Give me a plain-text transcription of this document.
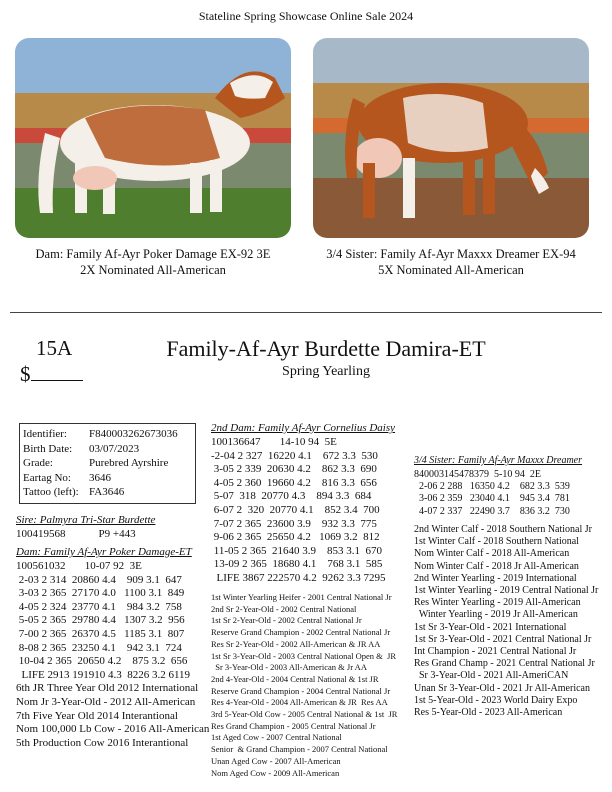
Stateline Spring Showcase Online Sale 2024
Dam: Family Af-Ayr Poker Damage EX-92 3E
2X Nominated All-American
3/4 Sister: Family Af-Ayr Maxxx Dreamer EX-94
5X Nominated All-American
15A
$
Family-Af-Ayr Burdette Damira-ET
Spring Yearling
Identifier:	F840003262673036
Birth Date:	03/07/2023
Grade:	Purebred Ayrshire
Eartag No:	3646
Tattoo (left): FA3646
Sire: Palmyra Tri-Star Burdette
100419568            P9 +443
Dam: Family Af-Ayr Poker Damage-ET
100561032       10-07 92  3E
2-03 2 314  20860 4.4    909 3.1  647
3-03 2 365  27170 4.0   1100 3.1  849
4-05 2 324  23770 4.1    984 3.2  758
5-05 2 365  29780 4.4   1307 3.2  956
7-00 2 365  26370 4.5   1185 3.1  807
8-08 2 365  23250 4.1    942 3.1  724
10-04 2 365  20650 4.2    875 3.2  656
LIFE 2913 191910 4.3  8226 3.2 6119
6th JR Three Year Old 2012 International
Nom Jr 3-Year-Old - 2012 All-American
7th Five Year Old 2014 Interantional
Nom 100,000 Lb Cow - 2016 All-American
5th Production Cow 2016 Interantional
2nd Dam: Family Af-Ayr Cornelius Daisy
100136647       14-10 94  5E
-2-04 2 327  16220 4.1    672 3.3  530
3-05 2 339  20630 4.2    862 3.3  690
4-05 2 360  19660 4.2    816 3.3  656
5-07  318  20770 4.3    894 3.3  684
6-07 2  320  20770 4.1    852 3.4  700
7-07 2 365  23600 3.9    932 3.3  775
9-06 2 365  25650 4.2   1069 3.2  812
11-05 2 365  21640 3.9    853 3.1  670
13-09 2 365  18680 4.1    768 3.1  585
LIFE 3867 222570 4.2  9262 3.3 7295
1st Winter Yearling Heifer - 2001 Central National Jr
2nd Sr 2-Year-Old - 2002 Central National
1st Sr 2-Year-Old - 2002 Central National Jr
Reserve Grand Champion - 2002 Central National Jr
Res Sr 2-Year-Old - 2002 All-American & JR AA
1st Sr 3-Year-Old - 2003 Central National Open &  JR
Sr 3-Year-Old - 2003 All-American & Jr AA
2nd 4-Year-Old - 2004 Central National & 1st JR
Reserve Grand Champion - 2004 Central National Jr
Res 4-Year-Old - 2004 All-American & JR  Res AA
3rd 5-Year-Old Cow - 2005 Central National & 1st  JR
Res Grand Champion - 2005 Central National Jr
1st Aged Cow - 2007 Central National
Senior  & Grand Champion - 2007 Central National
Unan Aged Cow - 2007 All-American
Nom Aged Cow - 2009 All-American
3/4 Sister: Family Af-Ayr Maxxx Dreamer
840003145478379  5-10 94  2E
2-06 2 288   16350 4.2    682 3.3  539
3-06 2 359   23040 4.1    945 3.4  781
4-07 2 337   22490 3.7    836 3.2  730
2nd Winter Calf - 2018 Southern National Jr
1st Winter Calf - 2018 Southern National
Nom Winter Calf - 2018 All-American
Nom Winter Calf - 2018 Jr All-American
2nd Winter Yearling - 2019 International
1st Winter Yearling - 2019 Central National Jr
Res Winter Yearling - 2019 All-American
Winter Yearling - 2019 Jr All-American
1st Sr 3-Year-Old - 2021 International
1st Sr 3-Year-Old - 2021 Central National Jr
Int Champion - 2021 Central National Jr
Res Grand Champ - 2021 Central National Jr
Sr 3-Year-Old - 2021 All-AmeriCAN
Unan Sr 3-Year-Old - 2021 Jr All-American
1st 5-Year-Old - 2023 World Dairy Expo
Res 5-Year-Old - 2023 All-American
